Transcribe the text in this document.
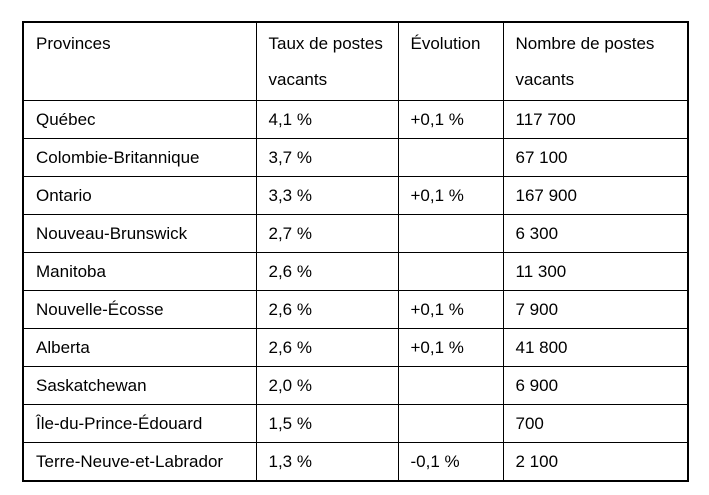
Provinces	Taux de postes vacants	Évolution	Nombre de postes vacants
Québec	4,1 %	+0,1 %	117 700
Colombie-Britannique	3,7 %		67 100
Ontario	3,3 %	+0,1 %	167 900
Nouveau-Brunswick	2,7 %		6 300
Manitoba	2,6 %		11 300
Nouvelle-Écosse	2,6 %	+0,1 %	7 900
Alberta	2,6 %	+0,1 %	41 800
Saskatchewan	2,0 %		6 900
Île-du-Prince-Édouard	1,5 %		700
Terre-Neuve-et-Labrador	1,3 %	-0,1 %	2 100
